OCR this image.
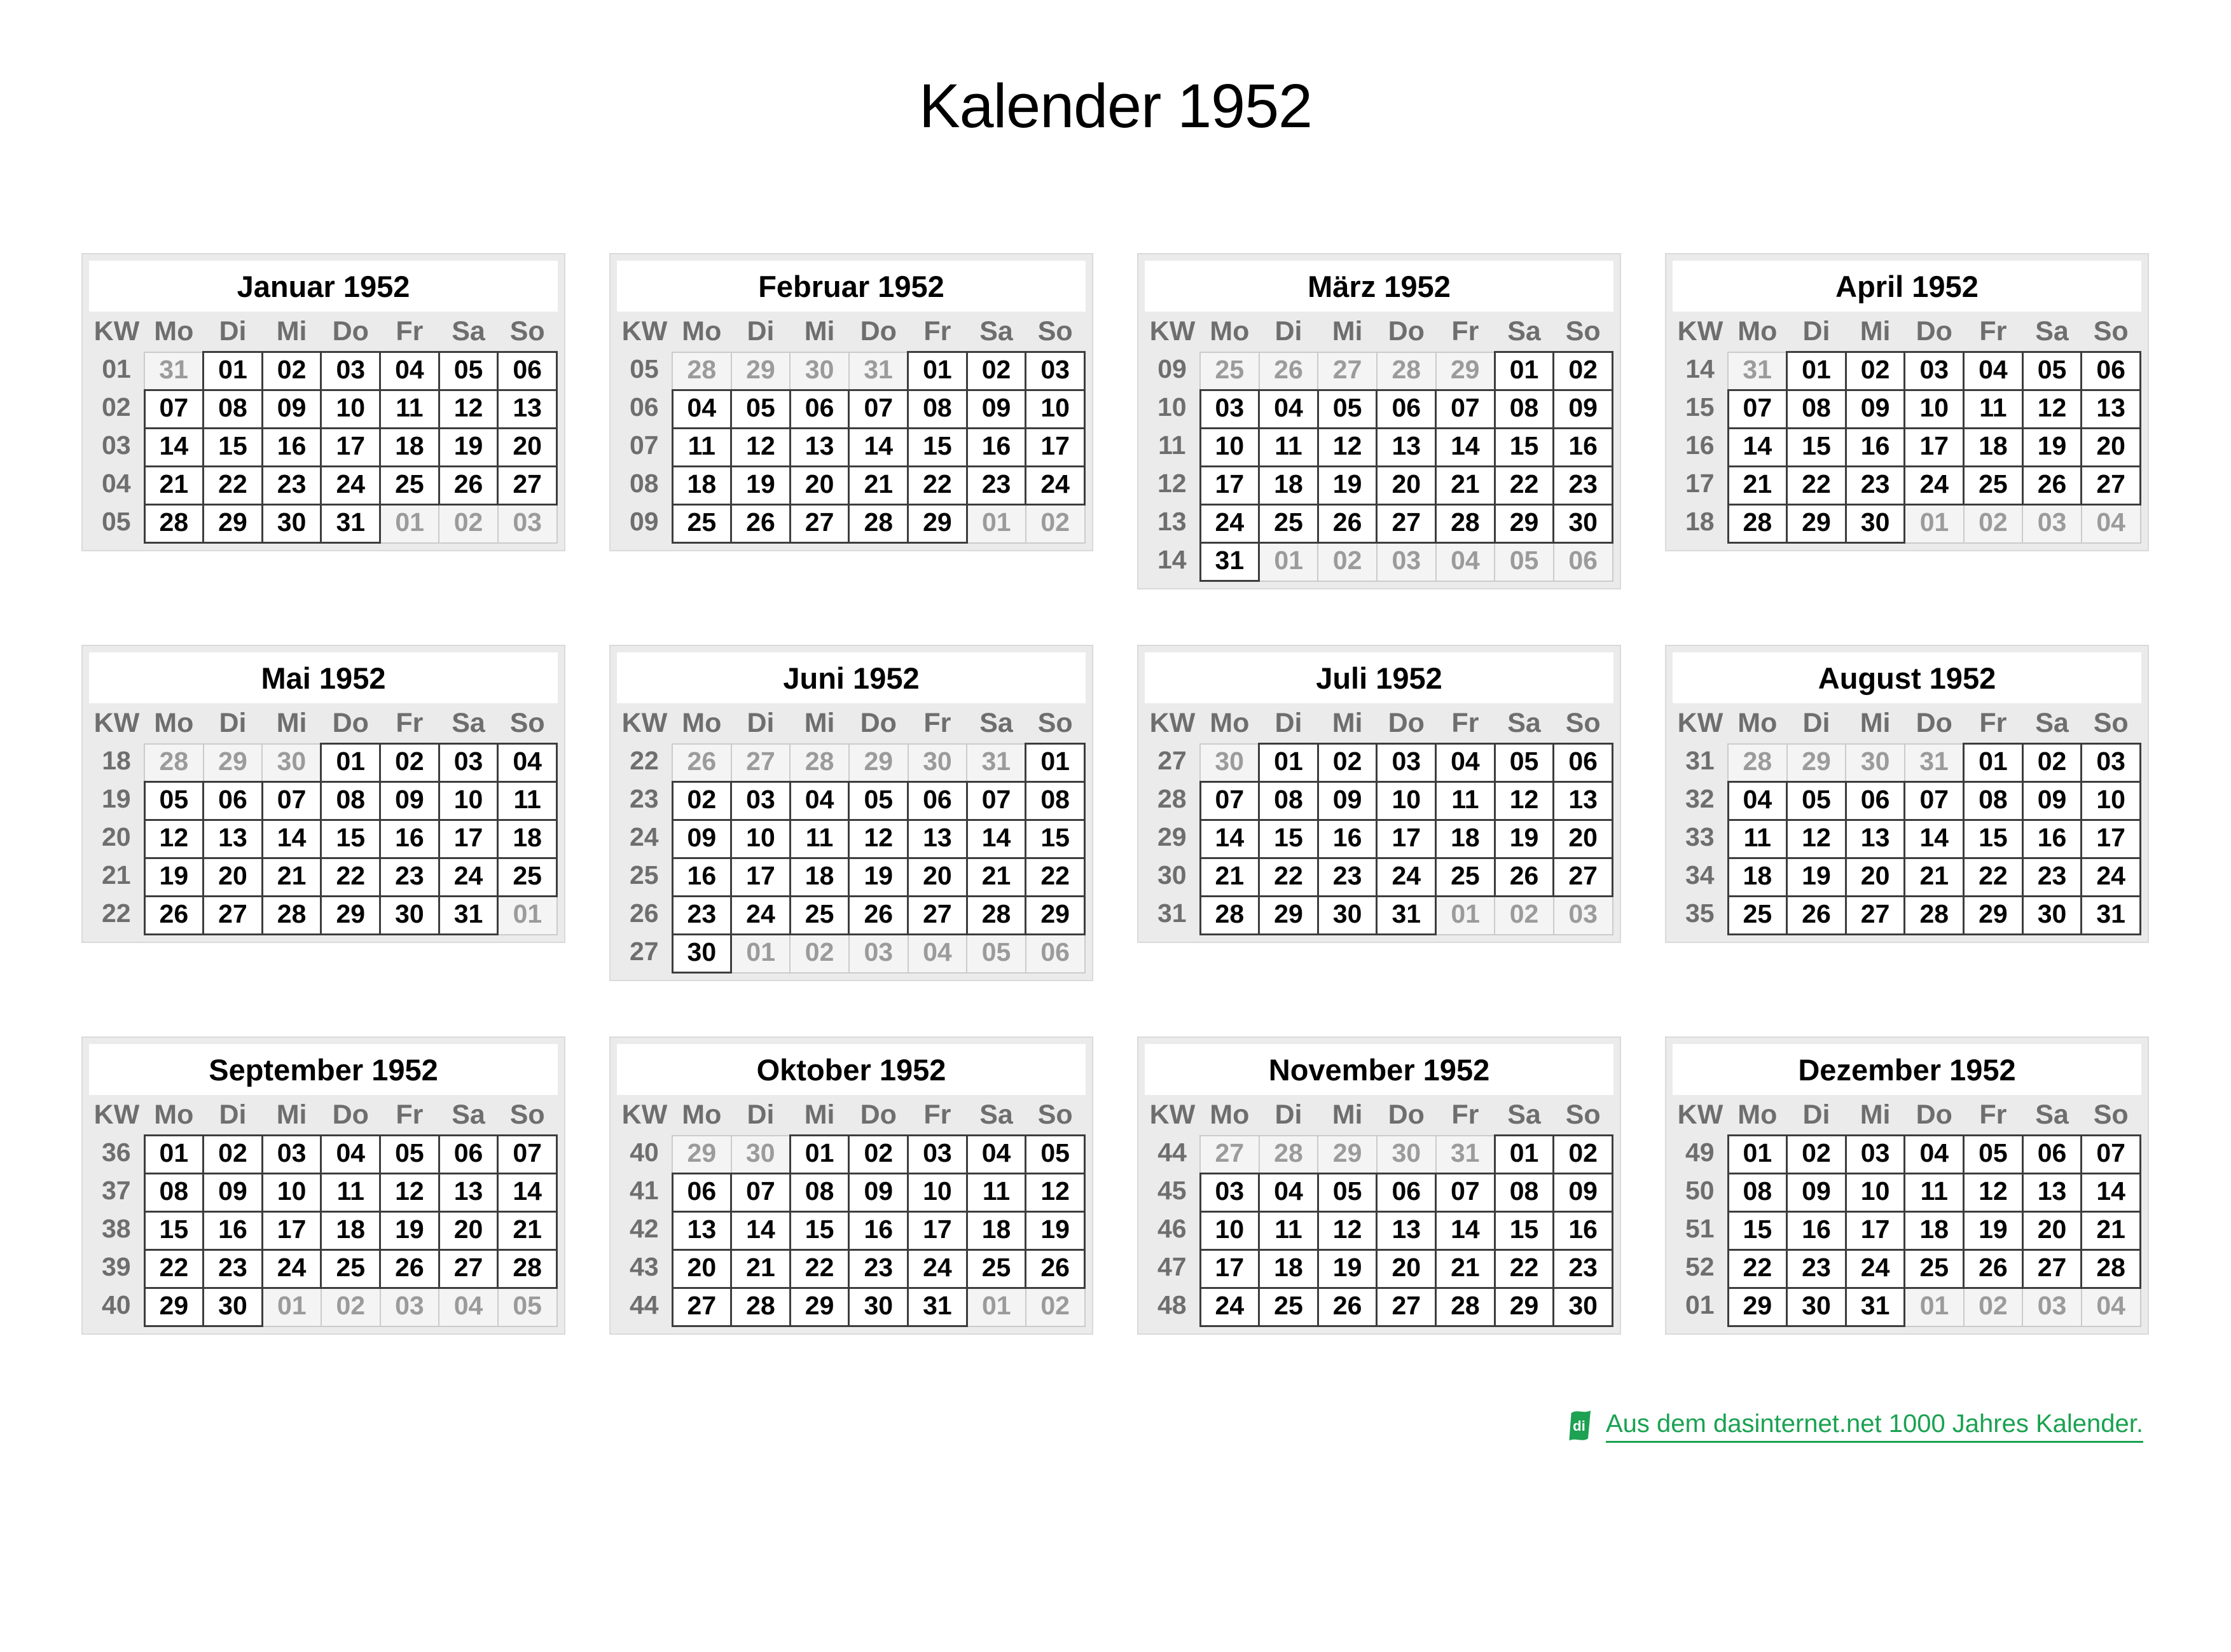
Kalender 1952
Januar 1952
KW	Mo	Di	Mi	Do	Fr	Sa	So
01	31	01	02	03	04	05	06
02	07	08	09	10	11	12	13
03	14	15	16	17	18	19	20
04	21	22	23	24	25	26	27
05	28	29	30	31	01	02	03
Februar 1952
KW	Mo	Di	Mi	Do	Fr	Sa	So
05	28	29	30	31	01	02	03
06	04	05	06	07	08	09	10
07	11	12	13	14	15	16	17
08	18	19	20	21	22	23	24
09	25	26	27	28	29	01	02
März 1952
KW	Mo	Di	Mi	Do	Fr	Sa	So
09	25	26	27	28	29	01	02
10	03	04	05	06	07	08	09
11	10	11	12	13	14	15	16
12	17	18	19	20	21	22	23
13	24	25	26	27	28	29	30
14	31	01	02	03	04	05	06
April 1952
KW	Mo	Di	Mi	Do	Fr	Sa	So
14	31	01	02	03	04	05	06
15	07	08	09	10	11	12	13
16	14	15	16	17	18	19	20
17	21	22	23	24	25	26	27
18	28	29	30	01	02	03	04
Mai 1952
KW	Mo	Di	Mi	Do	Fr	Sa	So
18	28	29	30	01	02	03	04
19	05	06	07	08	09	10	11
20	12	13	14	15	16	17	18
21	19	20	21	22	23	24	25
22	26	27	28	29	30	31	01
Juni 1952
KW	Mo	Di	Mi	Do	Fr	Sa	So
22	26	27	28	29	30	31	01
23	02	03	04	05	06	07	08
24	09	10	11	12	13	14	15
25	16	17	18	19	20	21	22
26	23	24	25	26	27	28	29
27	30	01	02	03	04	05	06
Juli 1952
KW	Mo	Di	Mi	Do	Fr	Sa	So
27	30	01	02	03	04	05	06
28	07	08	09	10	11	12	13
29	14	15	16	17	18	19	20
30	21	22	23	24	25	26	27
31	28	29	30	31	01	02	03
August 1952
KW	Mo	Di	Mi	Do	Fr	Sa	So
31	28	29	30	31	01	02	03
32	04	05	06	07	08	09	10
33	11	12	13	14	15	16	17
34	18	19	20	21	22	23	24
35	25	26	27	28	29	30	31
September 1952
KW	Mo	Di	Mi	Do	Fr	Sa	So
36	01	02	03	04	05	06	07
37	08	09	10	11	12	13	14
38	15	16	17	18	19	20	21
39	22	23	24	25	26	27	28
40	29	30	01	02	03	04	05
Oktober 1952
KW	Mo	Di	Mi	Do	Fr	Sa	So
40	29	30	01	02	03	04	05
41	06	07	08	09	10	11	12
42	13	14	15	16	17	18	19
43	20	21	22	23	24	25	26
44	27	28	29	30	31	01	02
November 1952
KW	Mo	Di	Mi	Do	Fr	Sa	So
44	27	28	29	30	31	01	02
45	03	04	05	06	07	08	09
46	10	11	12	13	14	15	16
47	17	18	19	20	21	22	23
48	24	25	26	27	28	29	30
Dezember 1952
KW	Mo	Di	Mi	Do	Fr	Sa	So
49	01	02	03	04	05	06	07
50	08	09	10	11	12	13	14
51	15	16	17	18	19	20	21
52	22	23	24	25	26	27	28
01	29	30	31	01	02	03	04
di Aus dem dasinternet.net 1000 Jahres Kalender.
